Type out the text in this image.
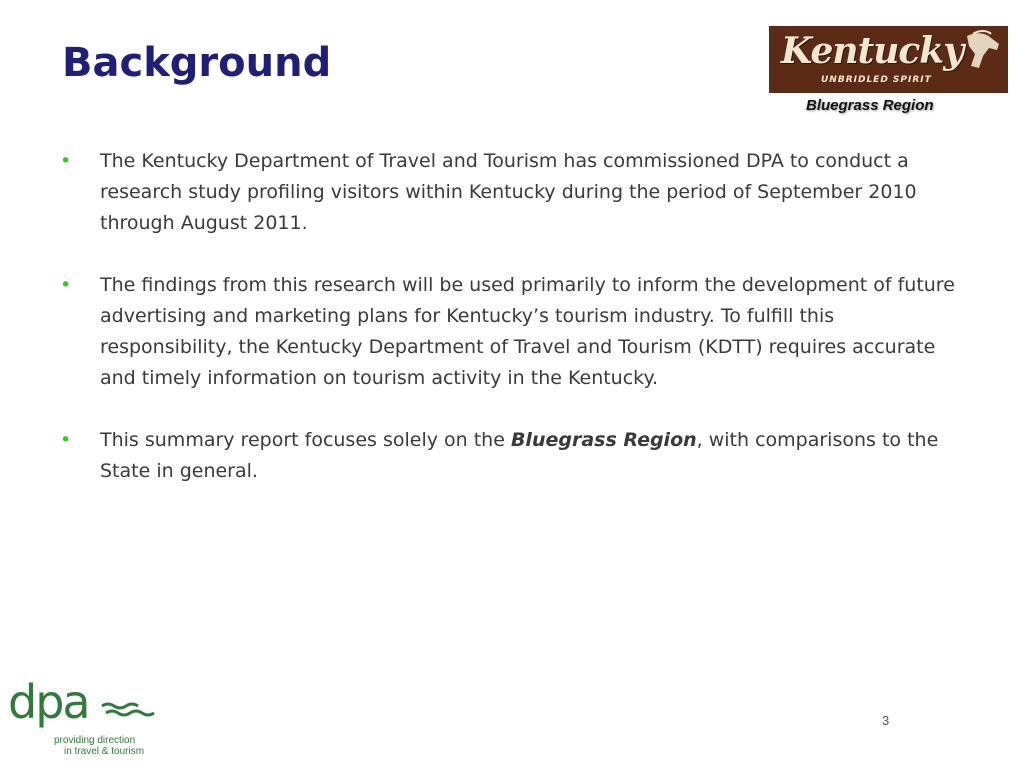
Background	Kentucky
UNBRIDLED SPIRIT
Bluegrass Region
• The Kentucky Department of Travel and Tourism has commissioned DPA to conduct a research study profiling visitors within Kentucky during the period of September 2010 through August 2011.
• The findings from this research will be used primarily to inform the development of future advertising and marketing plans for Kentucky’s tourism industry. To fulfill this responsibility, the Kentucky Department of Travel and Tourism (KDTT) requires accurate and timely information on tourism activity in the Kentucky.
• This summary report focuses solely on the Bluegrass Region, with comparisons to the State in general.
3
dpa
providing direction
in travel & tourism
